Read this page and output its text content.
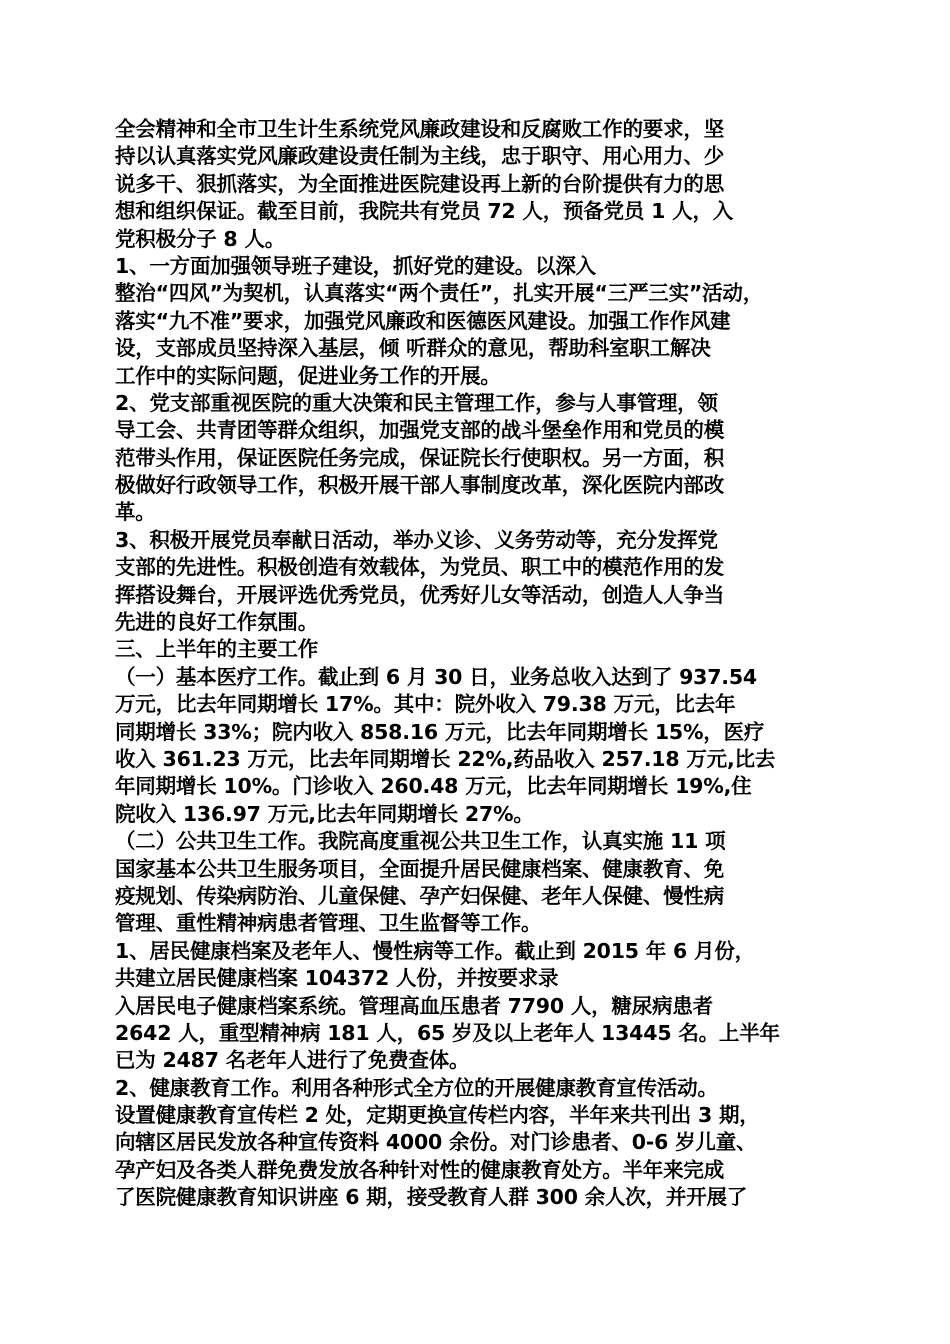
全会精神和全市卫生计生系统党风廉政建设和反腐败工作的要求，坚
持以认真落实党风廉政建设责任制为主线，忠于职守、用心用力、少
说多干、狠抓落实，为全面推进医院建设再上新的台阶提供有力的思
想和组织保证。截至目前，我院共有党员 72 人，预备党员 1 人，入
党积极分子 8 人。
1、一方面加强领导班子建设，抓好党的建设。以深入
整治“四风”为契机，认真落实“两个责任”，扎实开展“三严三实”活动，
落实“九不准”要求，加强党风廉政和医德医风建设。加强工作作风建
设，支部成员坚持深入基层，倾 听群众的意见，帮助科室职工解决
工作中的实际问题，促进业务工作的开展。
2、党支部重视医院的重大决策和民主管理工作，参与人事管理，领
导工会、共青团等群众组织，加强党支部的战斗堡垒作用和党员的模
范带头作用，保证医院任务完成，保证院长行使职权。另一方面，积
极做好行政领导工作，积极开展干部人事制度改革，深化医院内部改
革。
3、积极开展党员奉献日活动，举办义诊、义务劳动等，充分发挥党
支部的先进性。积极创造有效载体，为党员、职工中的模范作用的发
挥搭设舞台，开展评选优秀党员，优秀好儿女等活动，创造人人争当
先进的良好工作氛围。
三、上半年的主要工作
（一）基本医疗工作。截止到 6 月 30 日，业务总收入达到了 937.54
万元，比去年同期增长 17%。其中：院外收入 79.38 万元，比去年
同期增长 33%；院内收入 858.16 万元，比去年同期增长 15%，医疗
收入 361.23 万元，比去年同期增长 22%,药品收入 257.18 万元,比去
年同期增长 10%。门诊收入 260.48 万元，比去年同期增长 19%,住
院收入 136.97 万元,比去年同期增长 27%。
（二）公共卫生工作。我院高度重视公共卫生工作，认真实施 11 项
国家基本公共卫生服务项目，全面提升居民健康档案、健康教育、免
疫规划、传染病防治、儿童保健、孕产妇保健、老年人保健、慢性病
管理、重性精神病患者管理、卫生监督等工作。
1、居民健康档案及老年人、慢性病等工作。截止到 2015 年 6 月份，
共建立居民健康档案 104372 人份，并按要求录
入居民电子健康档案系统。管理高血压患者 7790 人，糖尿病患者
2642 人，重型精神病 181 人，65 岁及以上老年人 13445 名。上半年
已为 2487 名老年人进行了免费查体。
2、健康教育工作。利用各种形式全方位的开展健康教育宣传活动。
设置健康教育宣传栏 2 处，定期更换宣传栏内容，半年来共刊出 3 期，
向辖区居民发放各种宣传资料 4000 余份。对门诊患者、0-6 岁儿童、
孕产妇及各类人群免费发放各种针对性的健康教育处方。半年来完成
了医院健康教育知识讲座 6 期，接受教育人群 300 余人次，并开展了
